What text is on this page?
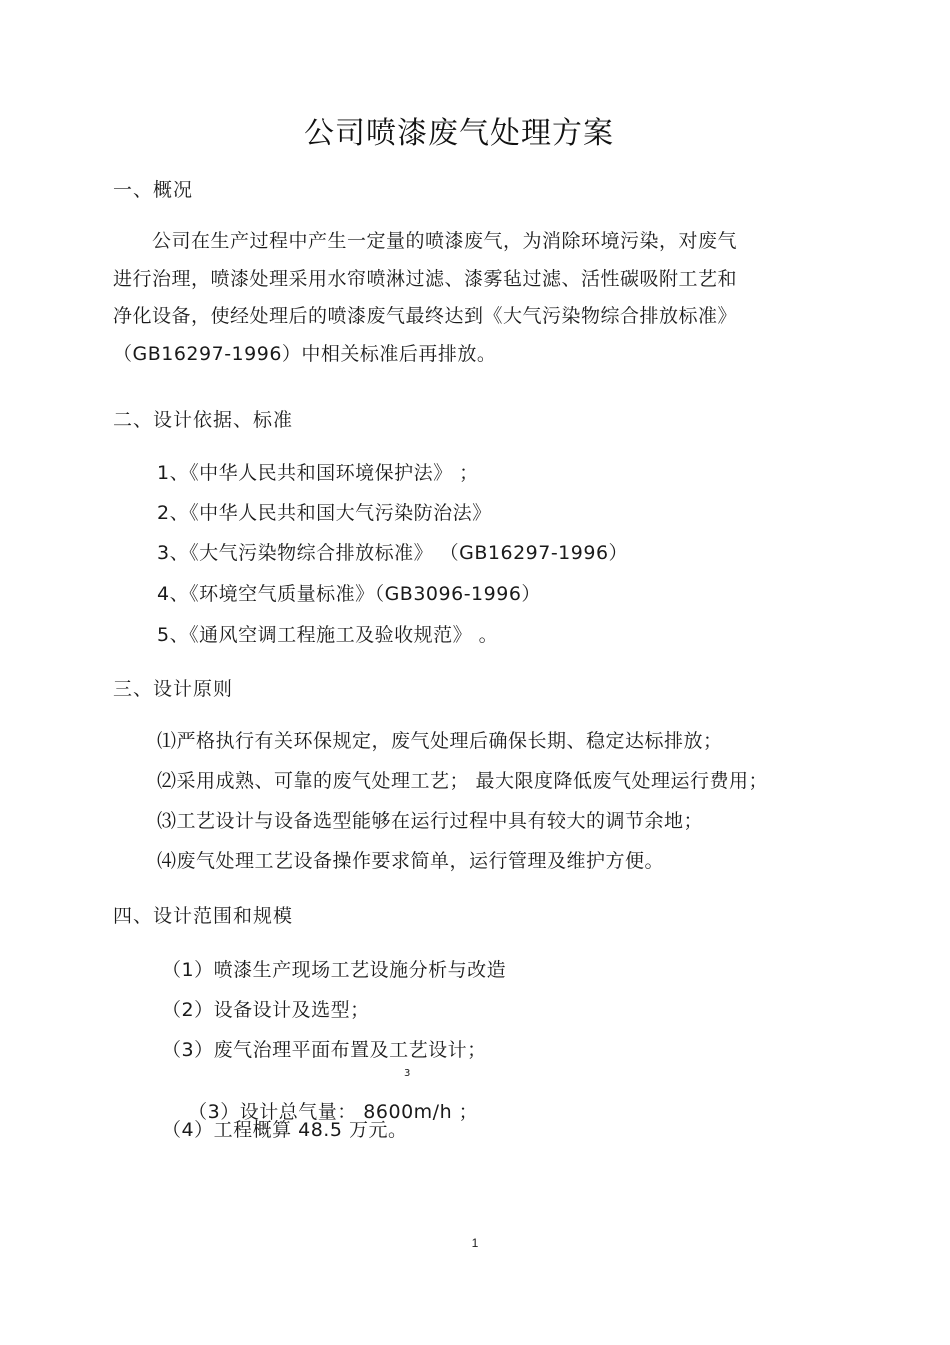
公司喷漆废气处理方案
一、概况
　　公司在生产过程中产生一定量的喷漆废气，为消除环境污染，对废气
进行治理，喷漆处理采用水帘喷淋过滤、漆雾毡过滤、活性碳吸附工艺和
净化设备，使经处理后的喷漆废气最终达到《大气污染物综合排放标准》
（GB16297-1996）中相关标准后再排放。
二、设计依据、标准
1、《中华人民共和国环境保护法》 ；
2、《中华人民共和国大气污染防治法》
3、《大气污染物综合排放标准》 （GB16297-1996）
4、《环境空气质量标准》（GB3096-1996）
5、《通风空调工程施工及验收规范》 。
三、设计原则
⑴严格执行有关环保规定，废气处理后确保长期、稳定达标排放；
⑵采用成熟、可靠的废气处理工艺； 最大限度降低废气处理运行费用；
⑶工艺设计与设备选型能够在运行过程中具有较大的调节余地；
⑷废气处理工艺设备操作要求简单，运行管理及维护方便。
四、设计范围和规模
（1）喷漆生产现场工艺设施分析与改造
（2）设备设计及选型；
（3）废气治理平面布置及工艺设计；

（3）设计总气量： 8600m/h ；

3
（4）工程概算 48.5 万元。
1
